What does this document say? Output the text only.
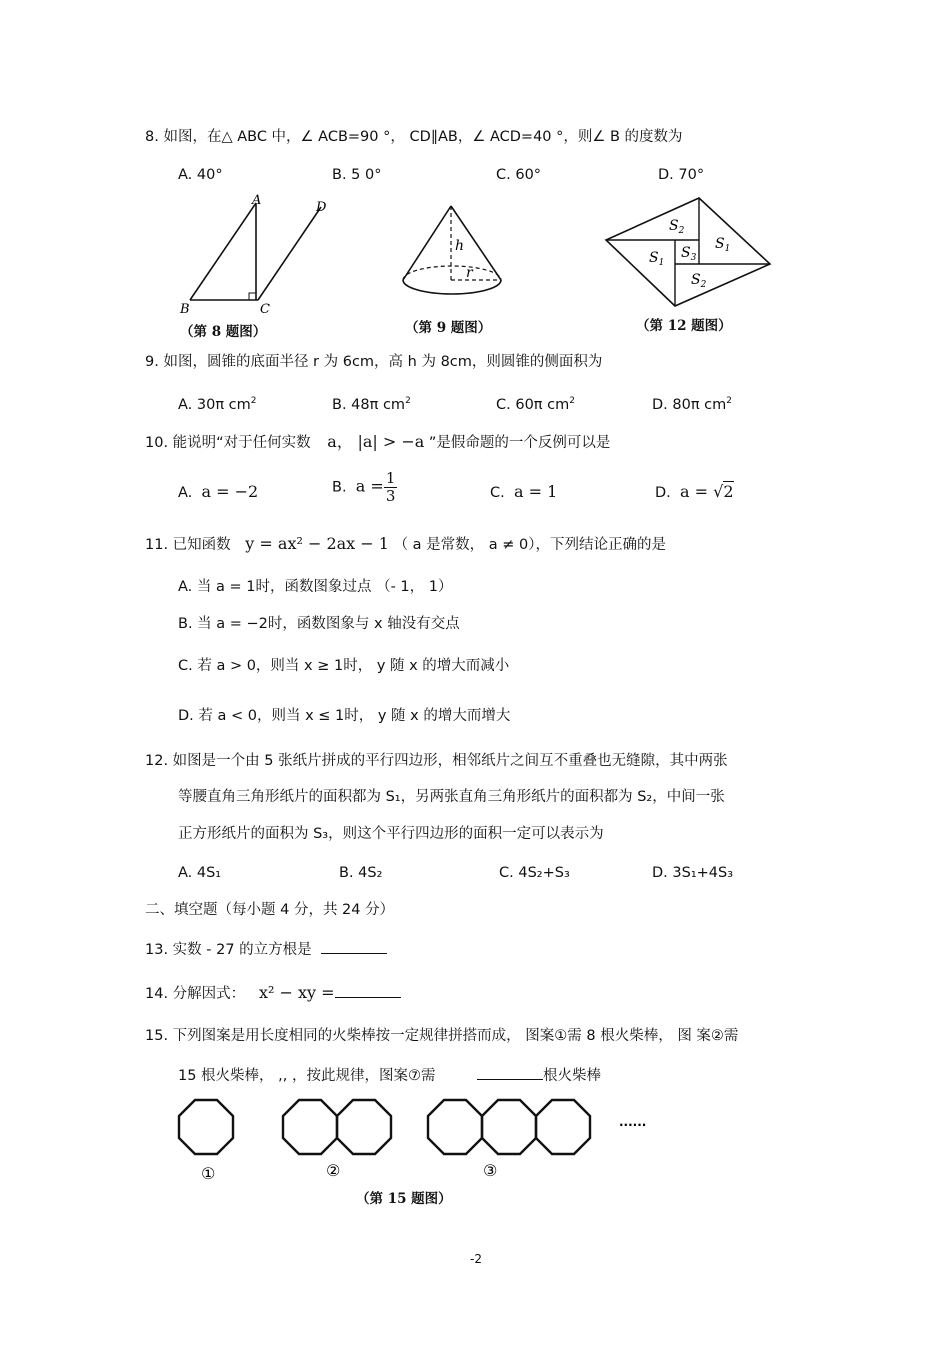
8. 如图，在△ ABC 中，∠ ACB=90 °， CD∥AB，∠ ACD=40 °，则∠ B 的度数为
A. 40°	B. 5 0°	C. 60°	D. 70°
A
B	C
D
（第 8 题图）
h
r
（第 9 题图）
$S_2$
$S_1$
$S_1$
$S_3$
$S_2$
（第 12 题图）
9. 如图，圆锥的底面半径 r 为 6cm，高 h 为 8cm，则圆锥的侧面积为
A. 30π $cm^2$	B. 48π $cm^2$	C. 60π $cm^2$	D. 80π $cm^2$
10. 能说明“对于任何实数 a， |a| > −a ”是假命题的一个反例可以是
A. a = −2	B. $a = \frac{1}{3}$	C. a = 1	D. a = √2
11. 已知函数 y = ax² − 2ax − 1 （ a 是常数， a ≠ 0），下列结论正确的是
A. 当 a = 1时，函数图象过点 （- 1， 1）
B. 当 a = −2时，函数图象与 x 轴没有交点
C. 若 a > 0，则当 x ≥ 1时， y 随 x 的增大而减小
D. 若 a < 0，则当 x ≤ 1时， y 随 x 的增大而增大
12. 如图是一个由 5 张纸片拼成的平行四边形，相邻纸片之间互不重叠也无缝隙，其中两张
等腰直角三角形纸片的面积都为 S₁，另两张直角三角形纸片的面积都为 S₂，中间一张
正方形纸片的面积为 S₃，则这个平行四边形的面积一定可以表示为
A. 4S₁	B. 4S₂	C. 4S₂+S₃	D. 3S₁+4S₃
二、填空题（每小题 4 分，共 24 分）
13. 实数 - 27 的立方根是
14. 分解因式： x² − xy =
15. 下列图案是用长度相同的火柴棒按一定规律拼搭而成， 图案①需 8 根火柴棒， 图 案②需
15 根火柴棒， ,, ，按此规律，图案⑦需	根火柴棒
①	②	③
......
（第 15 题图）
-2
